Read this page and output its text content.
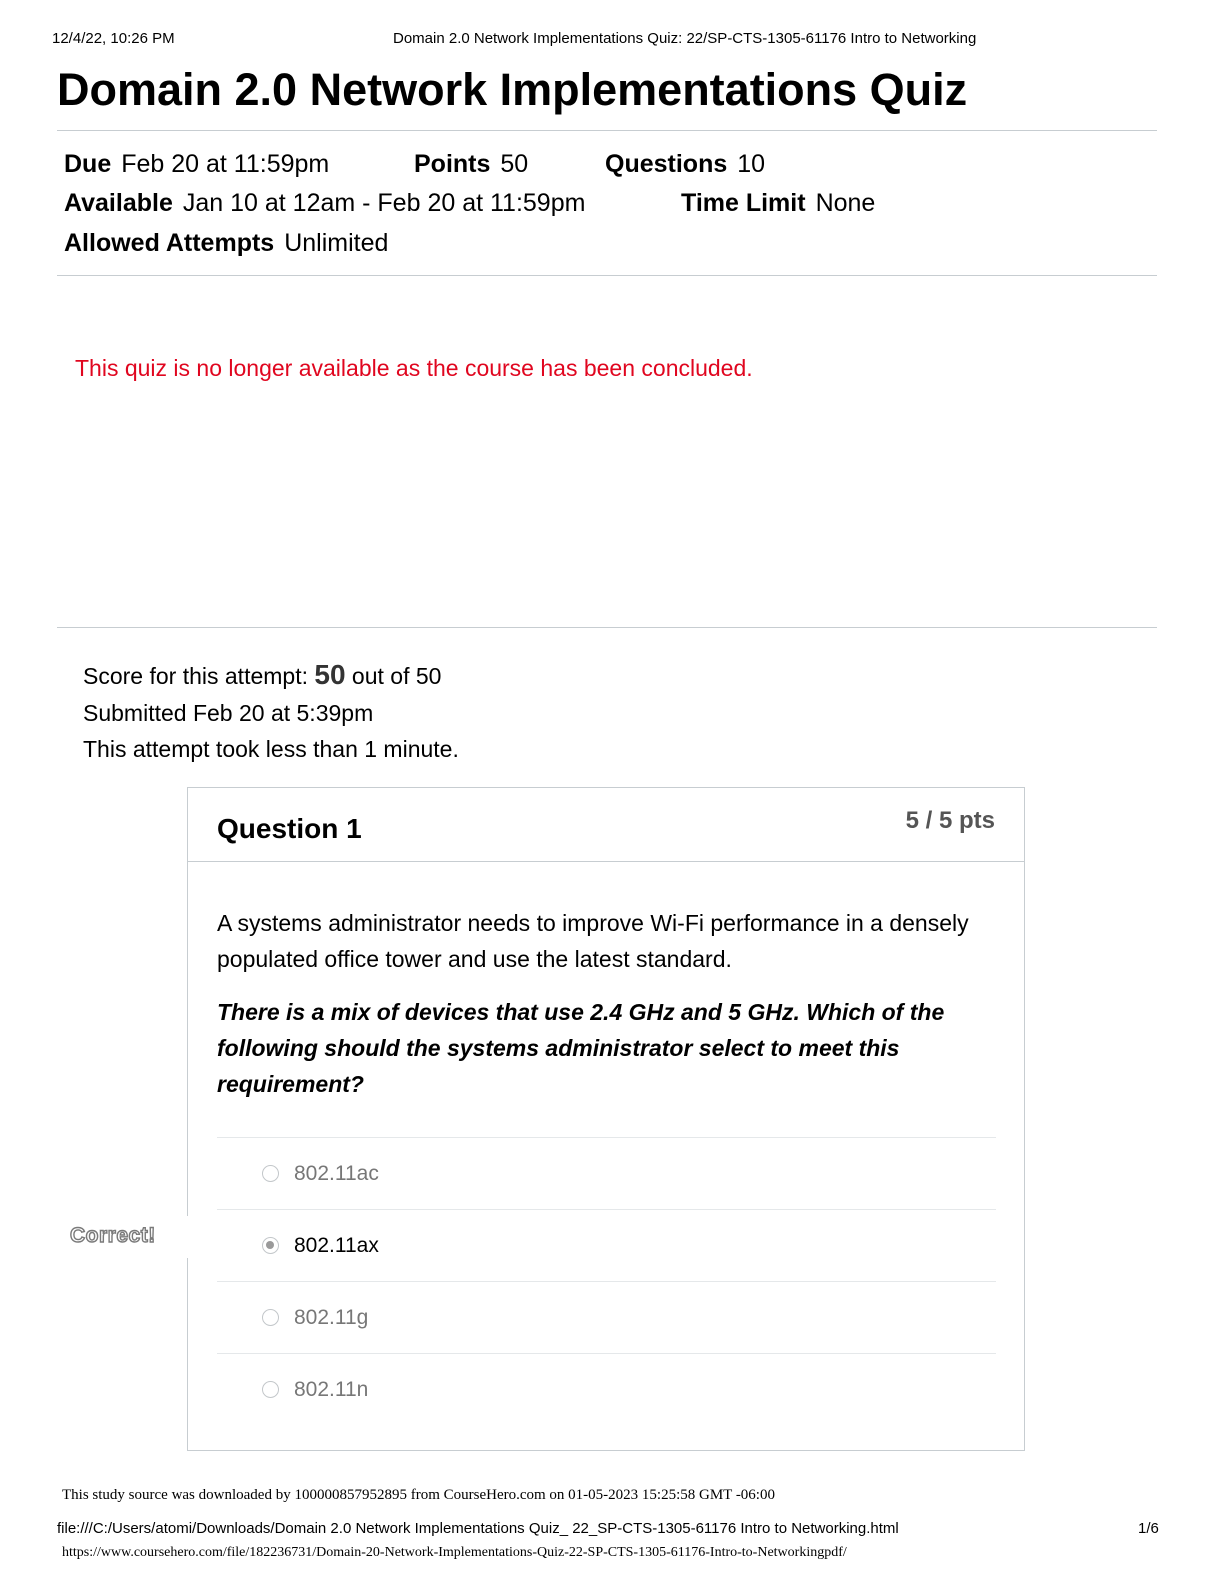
12/4/22, 10:26 PM	Domain 2.0 Network Implementations Quiz: 22/SP-CTS-1305-61176 Intro to Networking
Domain 2.0 Network Implementations Quiz
Due Feb 20 at 11:59pm	Points 50	Questions 10
Available Jan 10 at 12am - Feb 20 at 11:59pm	Time Limit None
Allowed Attempts Unlimited
This quiz is no longer available as the course has been concluded.
Score for this attempt: 50 out of 50
Submitted Feb 20 at 5:39pm
This attempt took less than 1 minute.
Question 1	5 / 5 pts
A systems administrator needs to improve Wi-Fi performance in a densely populated office tower and use the latest standard.
There is a mix of devices that use 2.4 GHz and 5 GHz. Which of the following should the systems administrator select to meet this requirement?
802.11ac
802.11ax
802.11g
802.11n
Correct!
This study source was downloaded by 100000857952895 from CourseHero.com on 01-05-2023 15:25:58 GMT -06:00
file:///C:/Users/atomi/Downloads/Domain 2.0 Network Implementations Quiz_ 22_SP-CTS-1305-61176 Intro to Networking.html	1/6
https://www.coursehero.com/file/182236731/Domain-20-Network-Implementations-Quiz-22-SP-CTS-1305-61176-Intro-to-Networkingpdf/
